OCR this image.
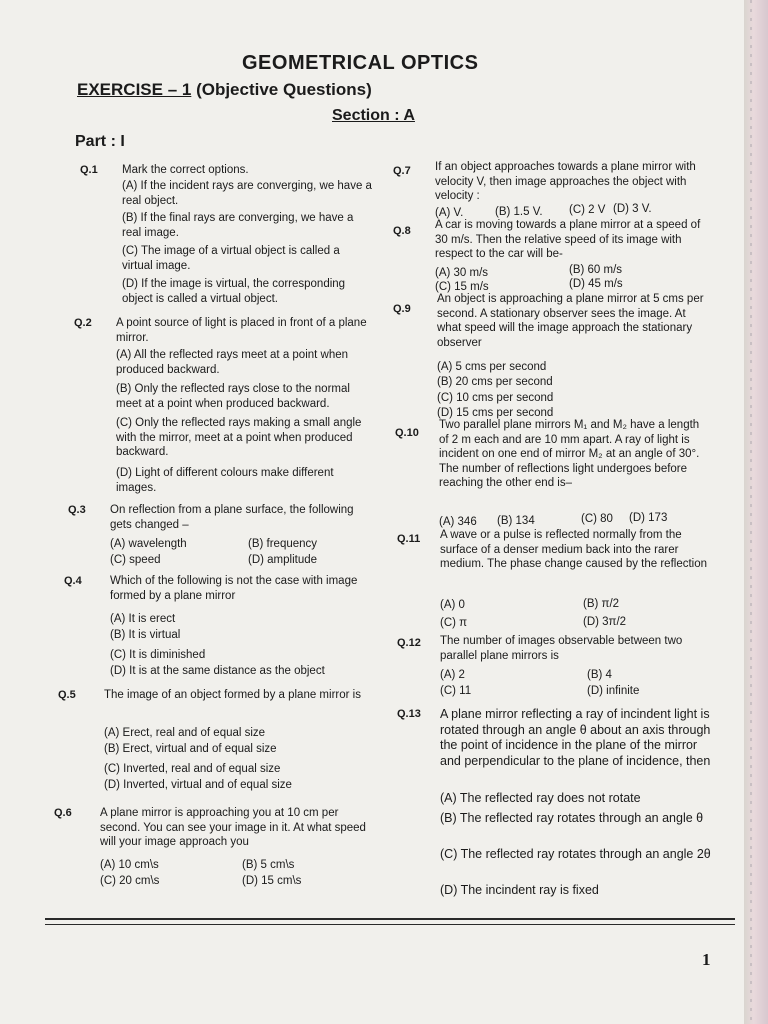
GEOMETRICAL OPTICS
EXERCISE – 1 (Objective Questions)
Section : A
Part : I
Q.1 Mark the correct options.
(A) If the incident rays are converging, we have a real object.
(B) If the final rays are converging, we have a real image.
(C) The image of a virtual object is called a virtual image.
(D) If the image is virtual, the corresponding object is called a virtual object.
Q.2 A point source of light is placed in front of a plane mirror.
(A) All the reflected rays meet at a point when produced backward.
(B) Only the reflected rays close to the normal meet at a point when produced backward.
(C) Only the reflected rays making a small angle with the mirror, meet at a point when produced backward.
(D) Light of different colours make different images.
Q.3 On reflection from a plane surface, the following gets changed –
(A) wavelength	(B) frequency
(C) speed	(D) amplitude
Q.4 Which of the following is not the case with image formed by a plane mirror
(A) It is erect
(B) It is virtual
(C) It is diminished
(D) It is at the same distance as the object
Q.5 The image of an object formed by a plane mirror is
(A) Erect, real and of equal size
(B) Erect, virtual and of equal size
(C) Inverted, real and of equal size
(D) Inverted, virtual and of equal size
Q.6 A plane mirror is approaching you at 10 cm per second. You can see your image in it. At what speed will your image approach you
(A) 10 cm\s	(B) 5 cm\s
(C) 20 cm\s	(D) 15 cm\s
Q.7 If an object approaches towards a plane mirror with velocity V, then image approaches the object with velocity :
(A) V.	(B) 1.5 V. (C) 2 V (D) 3 V.
Q.8 A car is moving towards a plane mirror at a speed of 30 m/s. Then the relative speed of its image with respect to the car will be-
(A) 30 m/s	(B) 60 m/s
(C) 15 m/s	(D) 45 m/s
Q.9
An object is approaching a plane mirror at 5 cms per second. A stationary observer sees the image. At what speed will the image approach the stationary observer
(A) 5 cms per second
(B) 20 cms per second
(C) 10 cms per second
(D) 15 cms per second
Q.10
Two parallel plane mirrors M₁ and M₂ have a length of 2 m each and are 10 mm apart. A ray of light is incident on one end of mirror M₂ at an angle of 30°. The number of reflections light undergoes before reaching the other end is–
(A) 346 (B) 134	(C) 80 (D) 173
Q.11 A wave or a pulse is reflected normally from the surface of a denser medium back into the rarer medium. The phase change caused by the reflection
(A) 0	(B) π/2
(C) π	(D) 3π/2
Q.12 The number of images observable between two parallel plane mirrors is
(A) 2	(B) 4
(C) 11	(D) infinite
Q.13 A plane mirror reflecting a ray of incindent light is rotated through an angle θ about an axis through the point of incidence in the plane of the mirror and perpendicular to the plane of incidence, then
(A) The reflected ray does not rotate
(B) The reflected ray rotates through an angle θ
(C) The reflected ray rotates through an angle 2θ
(D) The incindent ray is fixed
1
